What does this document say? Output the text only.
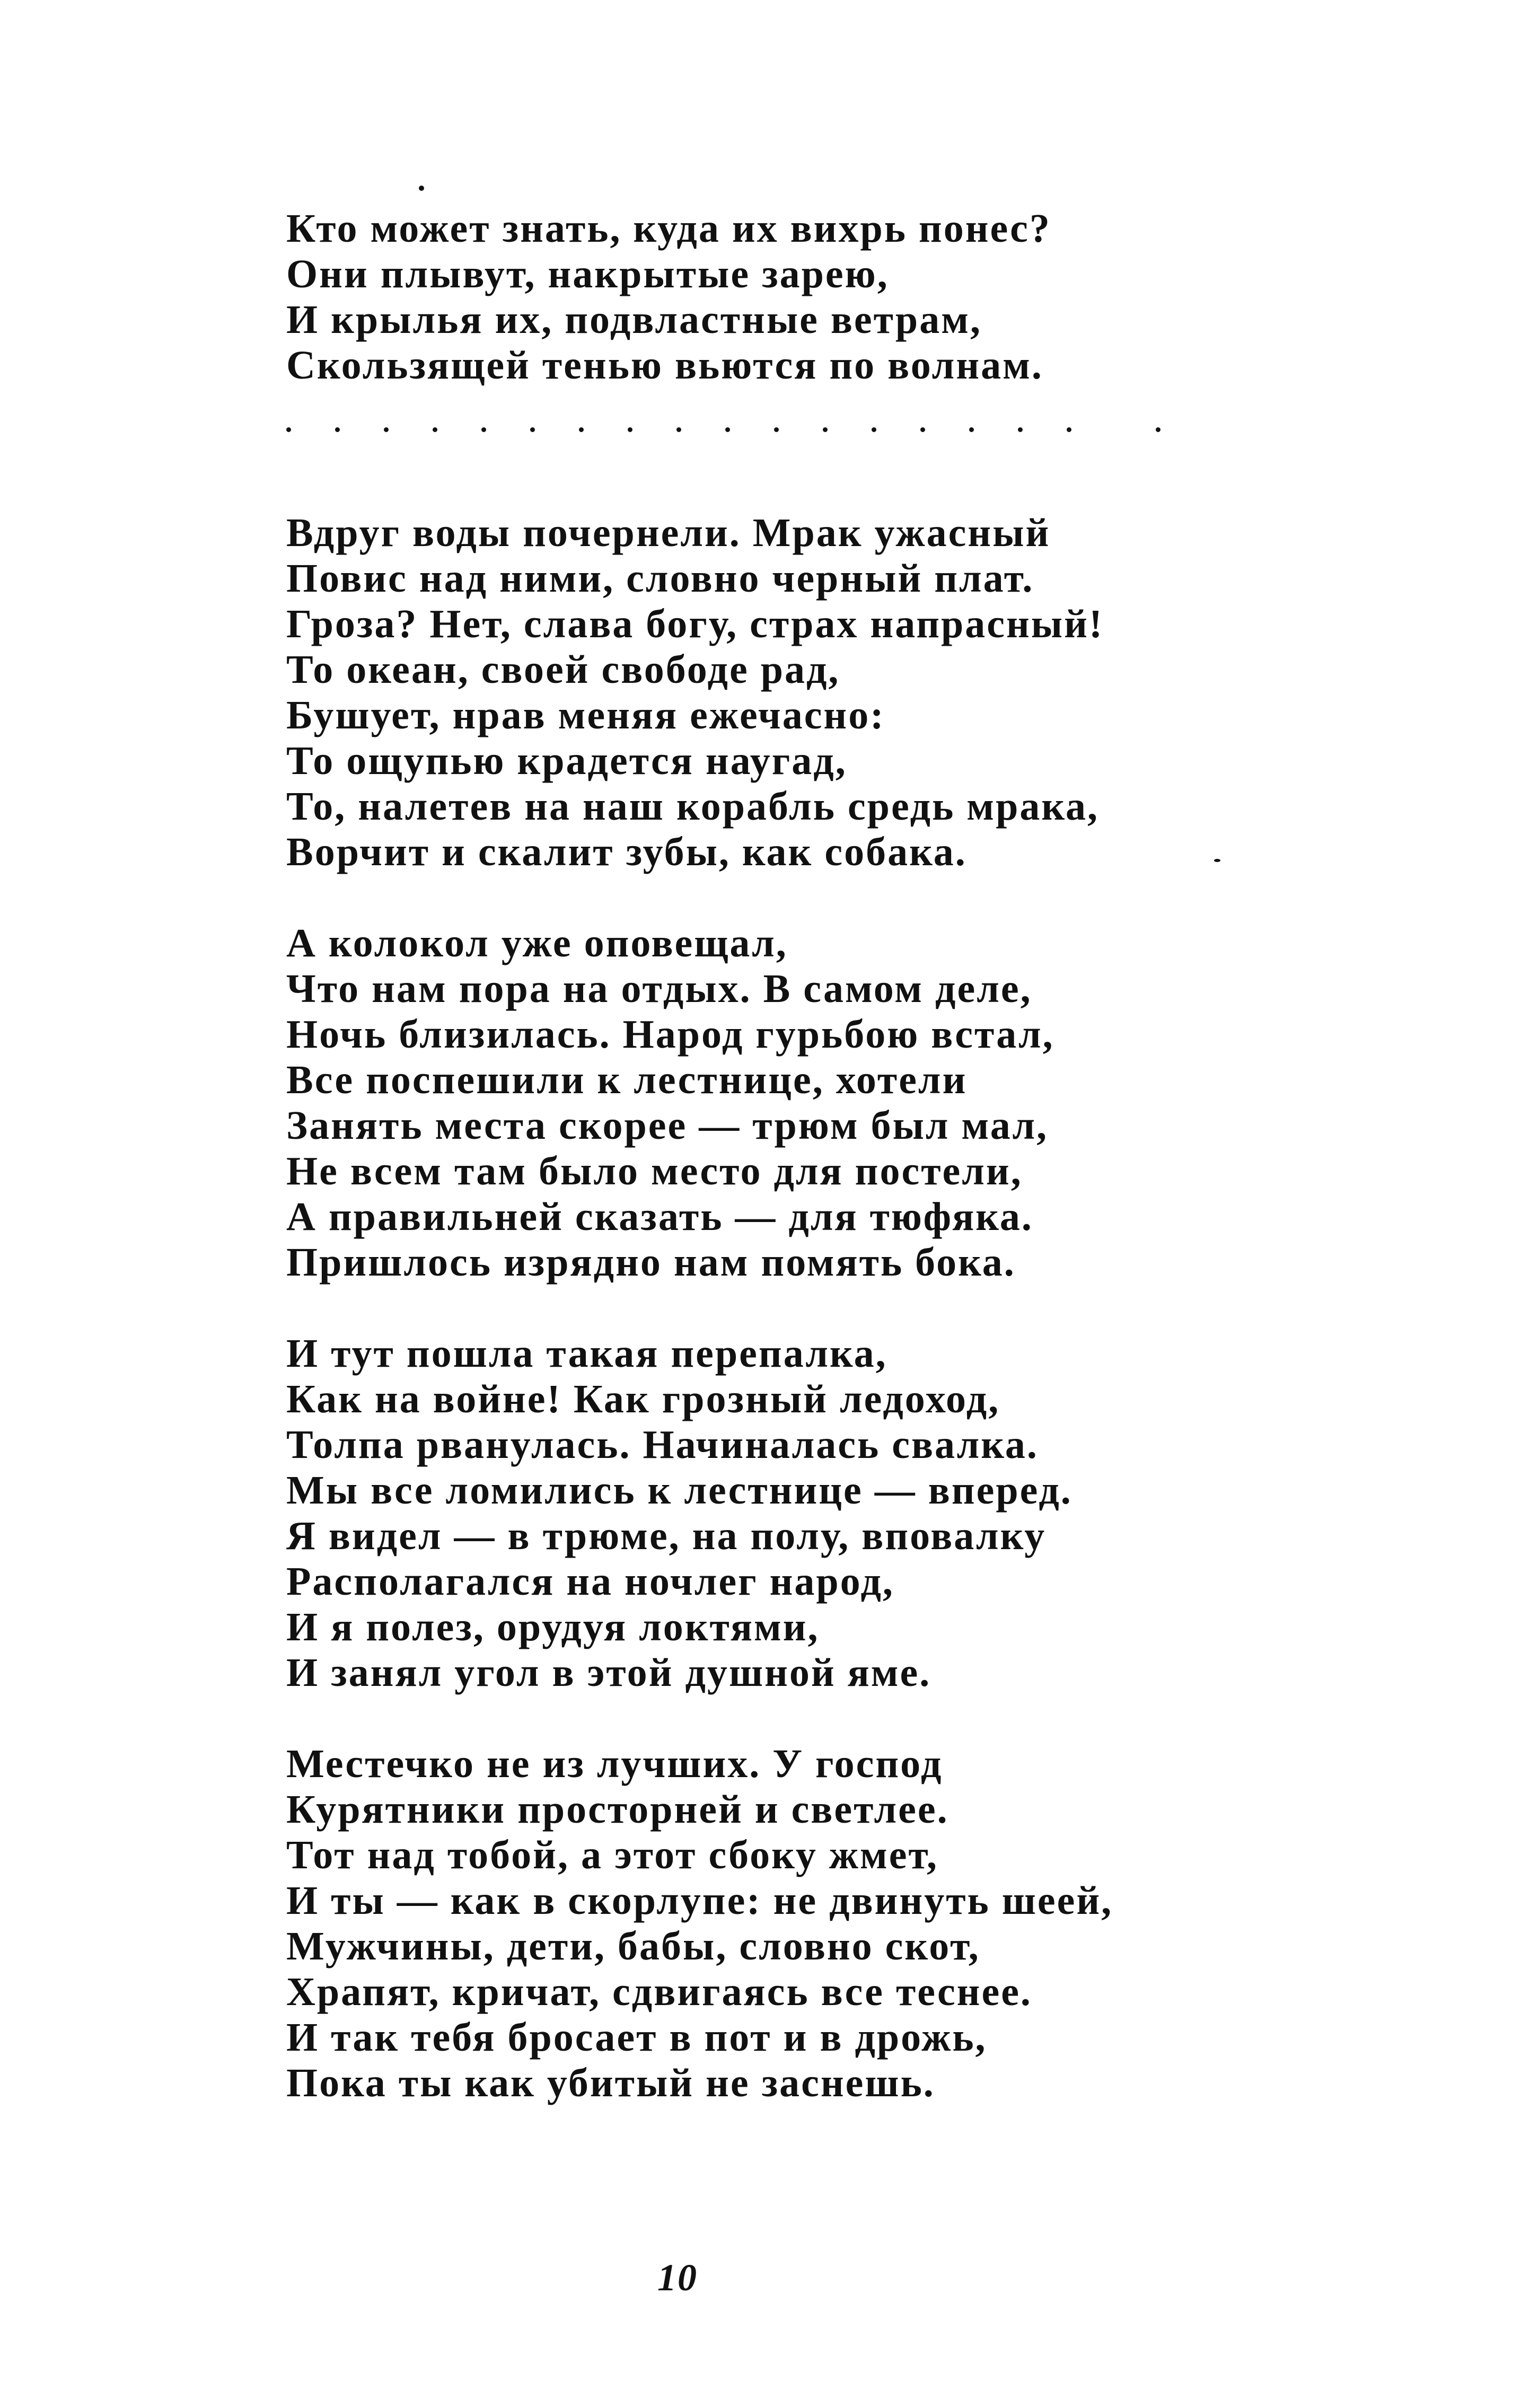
Кто может знать, куда их вихрь понес?
Они плывут, накрытые зарею,
И крылья их, подвластные ветрам,
Скользящей тенью вьются по волнам.
Вдруг воды почернели. Мрак ужасный
Повис над ними, словно черный плат.
Гроза? Нет, слава богу, страх напрасный!
То океан, своей свободе рад,
Бушует, нрав меняя ежечасно:
То ощупью крадется наугад,
То, налетев на наш корабль средь мрака,
Ворчит и скалит зубы, как собака.
А колокол уже оповещал,
Что нам пора на отдых. В самом деле,
Ночь близилась. Народ гурьбою встал,
Все поспешили к лестнице, хотели
Занять места скорее — трюм был мал,
Не всем там было место для постели,
А правильней сказать — для тюфяка.
Пришлось изрядно нам помять бока.
И тут пошла такая перепалка,
Как на войне! Как грозный ледоход,
Толпа рванулась. Начиналась свалка.
Мы все ломились к лестнице — вперед.
Я видел — в трюме, на полу, вповалку
Располагался на ночлег народ,
И я полез, орудуя локтями,
И занял угол в этой душной яме.
Местечко не из лучших. У господ
Курятники просторней и светлее.
Тот над тобой, а этот сбоку жмет,
И ты — как в скорлупе: не двинуть шеей,
Мужчины, дети, бабы, словно скот,
Храпят, кричат, сдвигаясь все теснее.
И так тебя бросает в пот и в дрожь,
Пока ты как убитый не заснешь.
10
